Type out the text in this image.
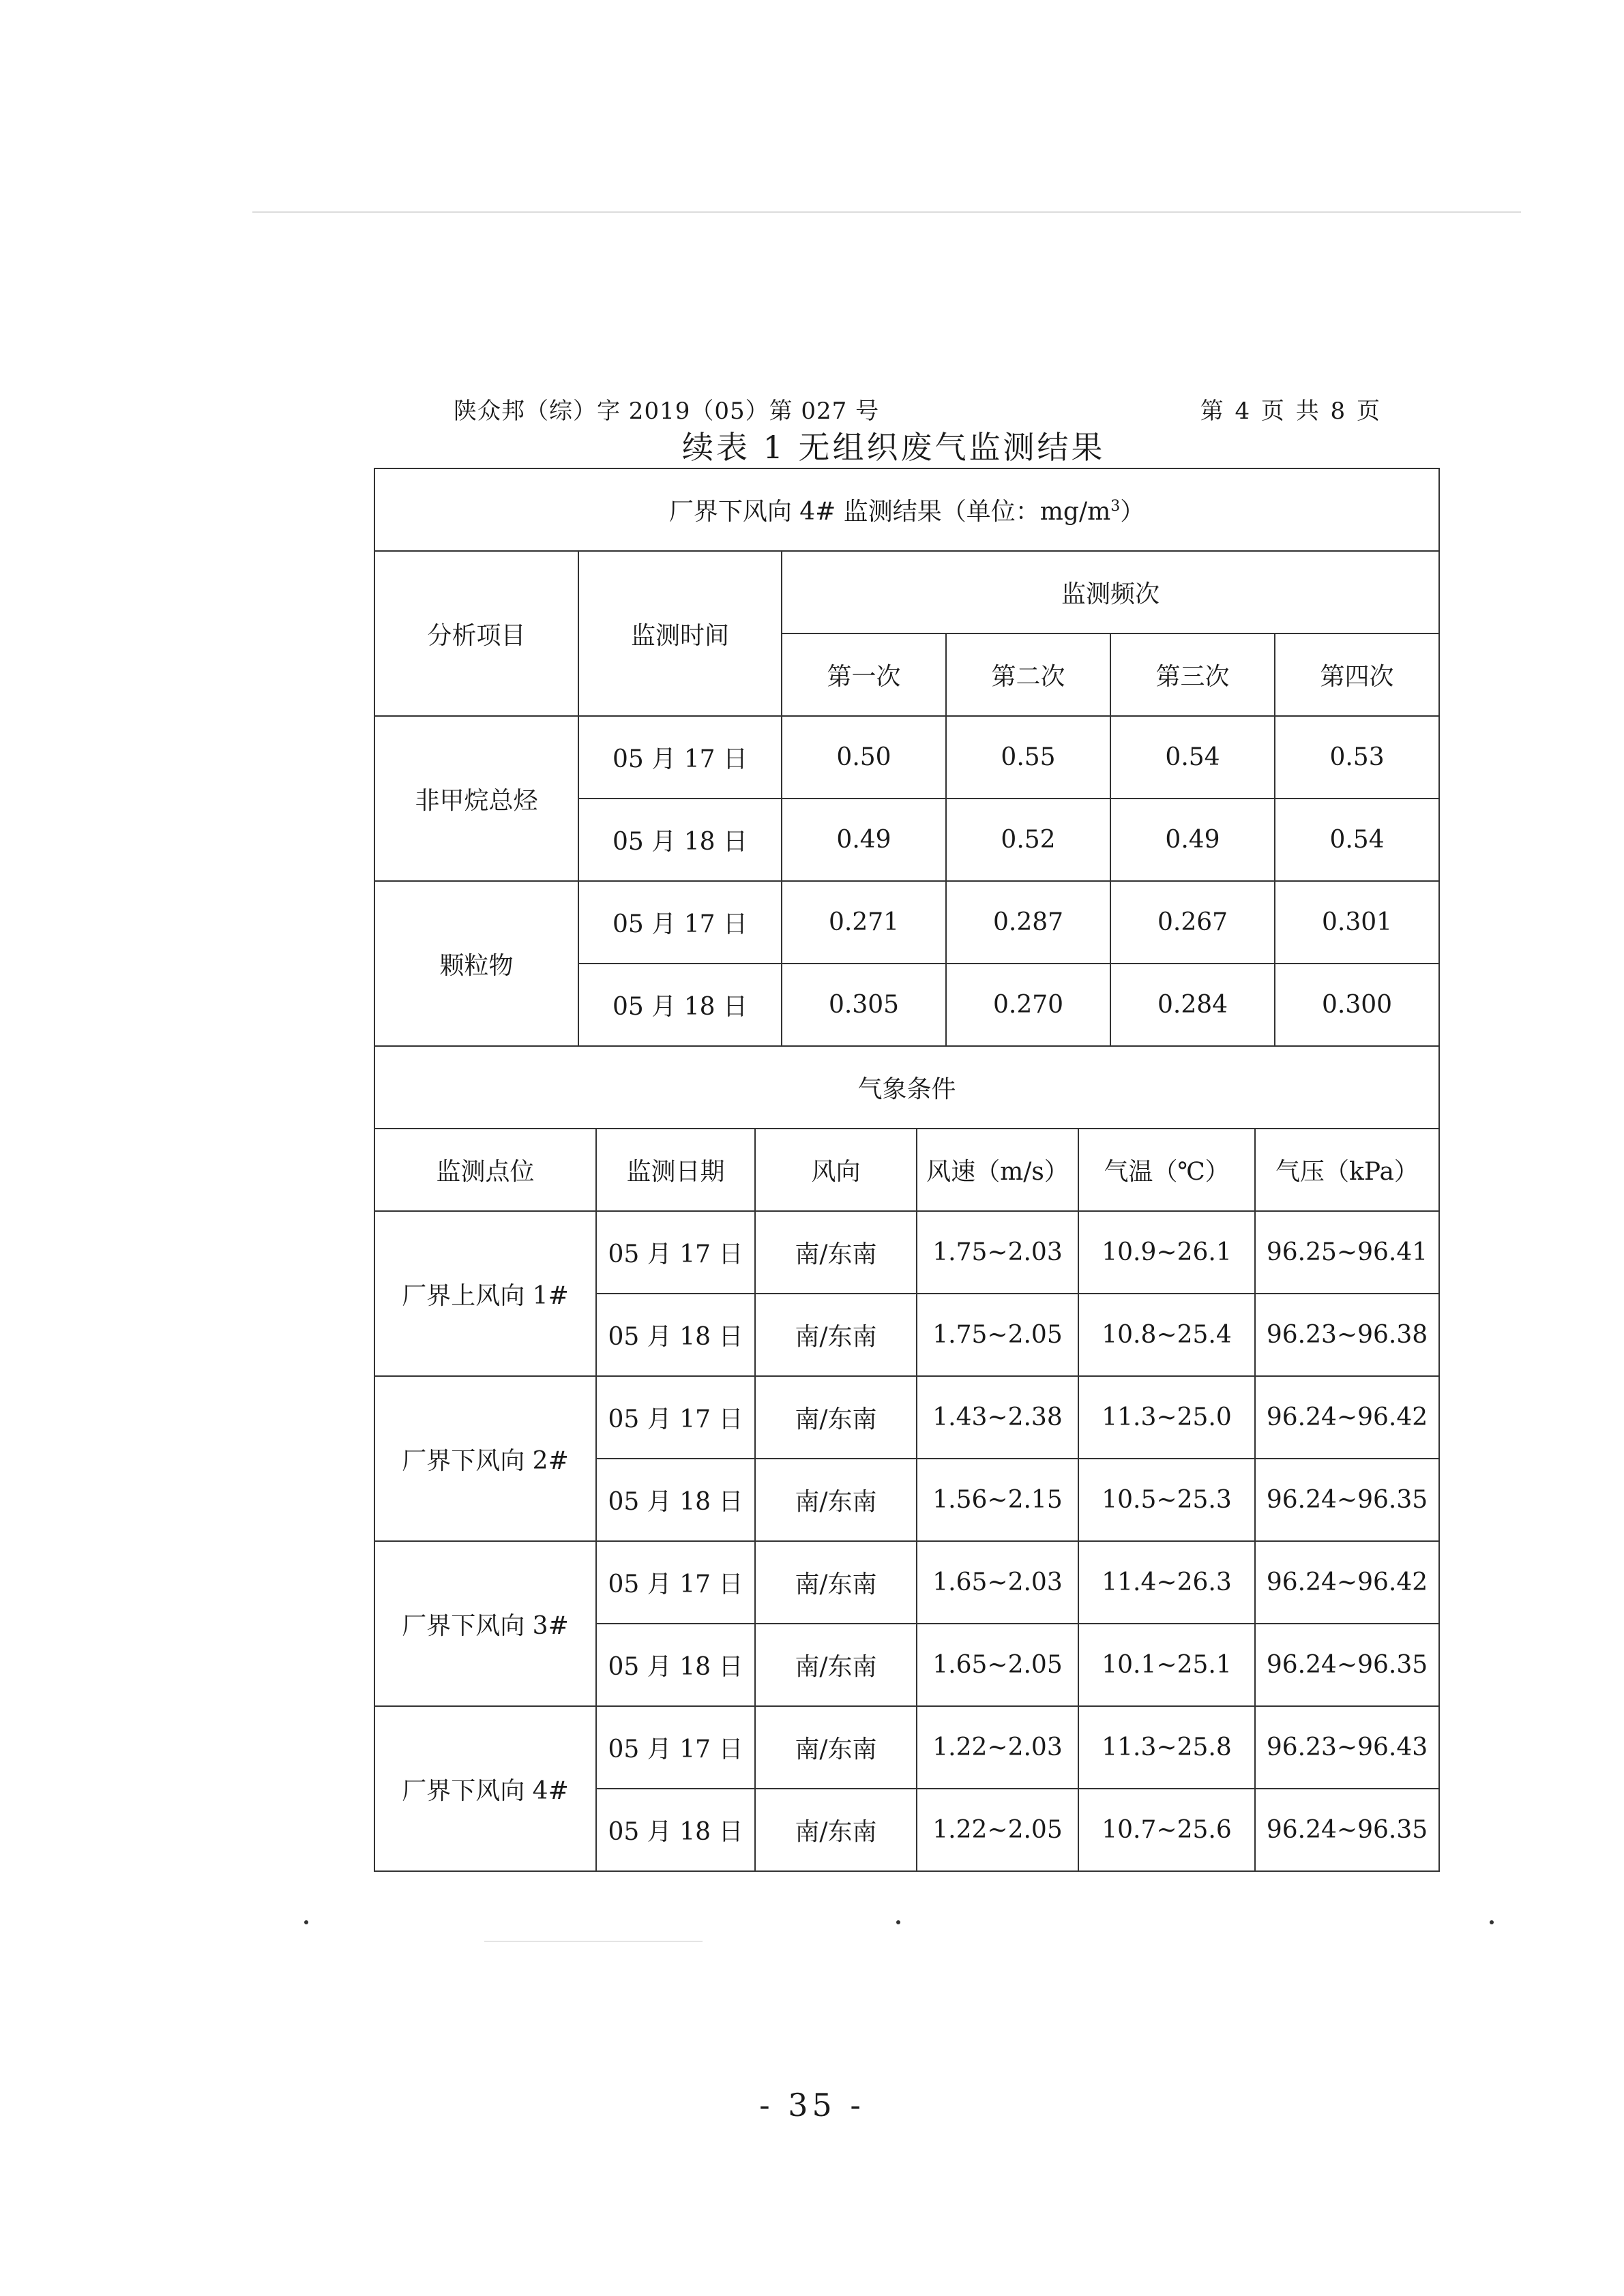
陕众邦（综）字 2019（05）第 027 号	第 4 页 共 8 页
续表 1 无组织废气监测结果
厂界下风向 4# 监测结果（单位：$mg/m^3$）					
分析项目	监测时间	监测频次			
		第一次	第二次	第三次	第四次
非甲烷总烃	05 月 17 日	0.50	0.55	0.54	0.53
	05 月 18 日	0.49	0.52	0.49	0.54
颗粒物	05 月 17 日	0.271	0.287	0.267	0.301
	05 月 18 日	0.305	0.270	0.284	0.300
气象条件					
监测点位	监测日期	风向	风速（m/s）	气温（℃）	气压（kPa）
厂界上风向 1#	05 月 17 日	南/东南	1.75~2.03	10.9~26.1	96.25~96.41
	05 月 18 日	南/东南	1.75~2.05	10.8~25.4	96.23~96.38
厂界下风向 2#	05 月 17 日	南/东南	1.43~2.38	11.3~25.0	96.24~96.42
	05 月 18 日	南/东南	1.56~2.15	10.5~25.3	96.24~96.35
厂界下风向 3#	05 月 17 日	南/东南	1.65~2.03	11.4~26.3	96.24~96.42
	05 月 18 日	南/东南	1.65~2.05	10.1~25.1	96.24~96.35
厂界下风向 4#	05 月 17 日	南/东南	1.22~2.03	11.3~25.8	96.23~96.43
	05 月 18 日	南/东南	1.22~2.05	10.7~25.6	96.24~96.35
- 35 -
